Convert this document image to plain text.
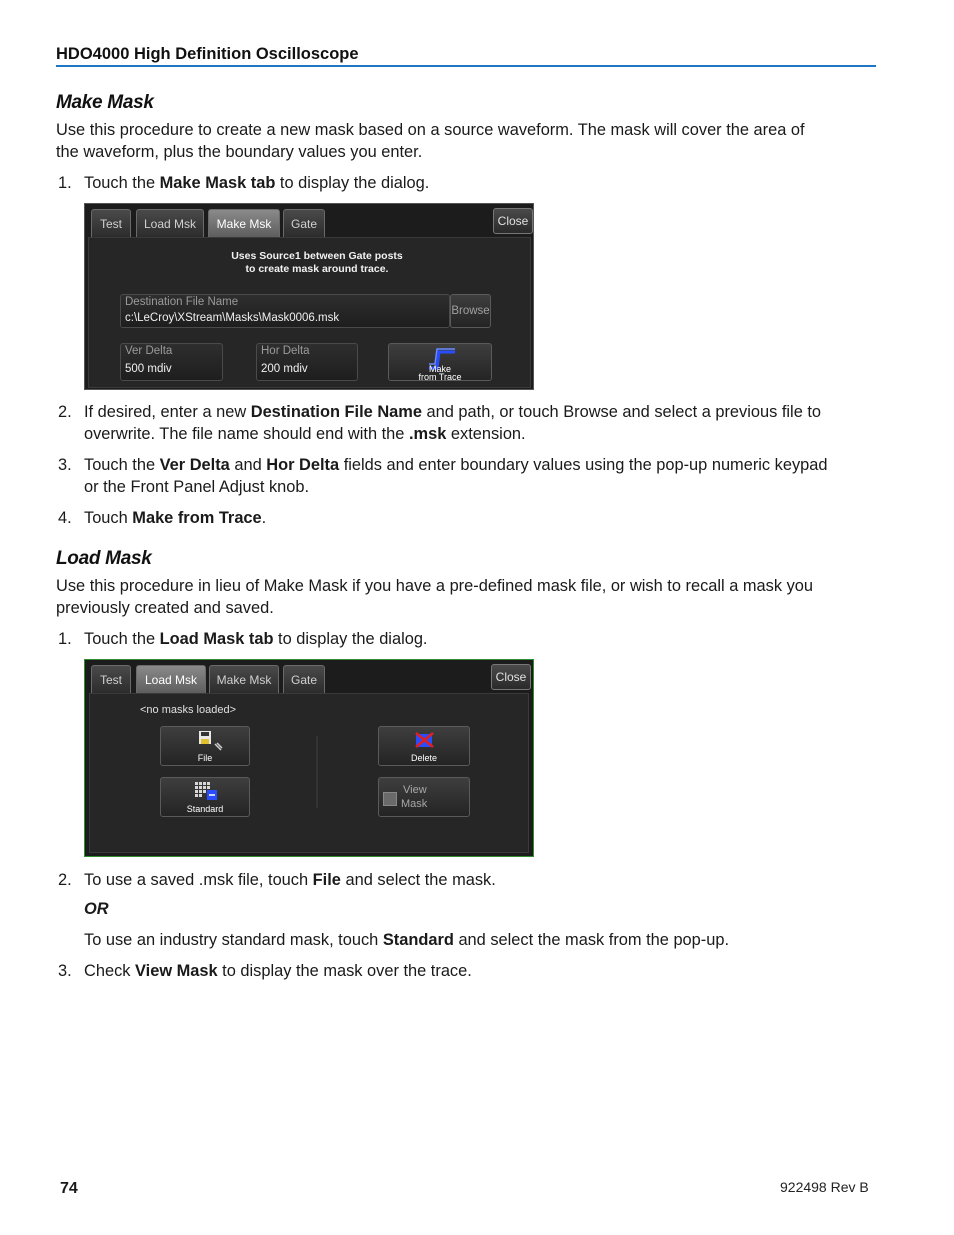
HDO4000 High Definition Oscilloscope
Make Mask
Use this procedure to create a new mask based on a source waveform. The mask will cover the area of
the waveform, plus the boundary values you enter.
1. Touch the Make Mask tab to display the dialog.
Test	Load Msk	Make Msk	Gate	Close
Uses Source1 between Gate posts
to create mask around trace.
Destination File Name
c:\LeCroy\XStream\Masks\Mask0006.msk
Browse
Ver Delta
500 mdiv
Hor Delta
200 mdiv	Make
from Trace
2. If desired, enter a new Destination File Name and path, or touch Browse and select a previous file to
overwrite. The file name should end with the .msk extension.
3. Touch the Ver Delta and Hor Delta fields and enter boundary values using the pop-up numeric keypad
or the Front Panel Adjust knob.
4. Touch Make from Trace.
Load Mask
Use this procedure in lieu of Make Mask if you have a pre-defined mask file, or wish to recall a mask you
previously created and saved.
1. Touch the Load Mask tab to display the dialog.
Test	Load Msk	Make Msk	Gate	Close
<no masks loaded>
File
Standard
Delete
View
Mask
2. To use a saved .msk file, touch File and select the mask.
OR
To use an industry standard mask, touch Standard and select the mask from the pop-up.
3. Check View Mask to display the mask over the trace.
74	922498 Rev B
